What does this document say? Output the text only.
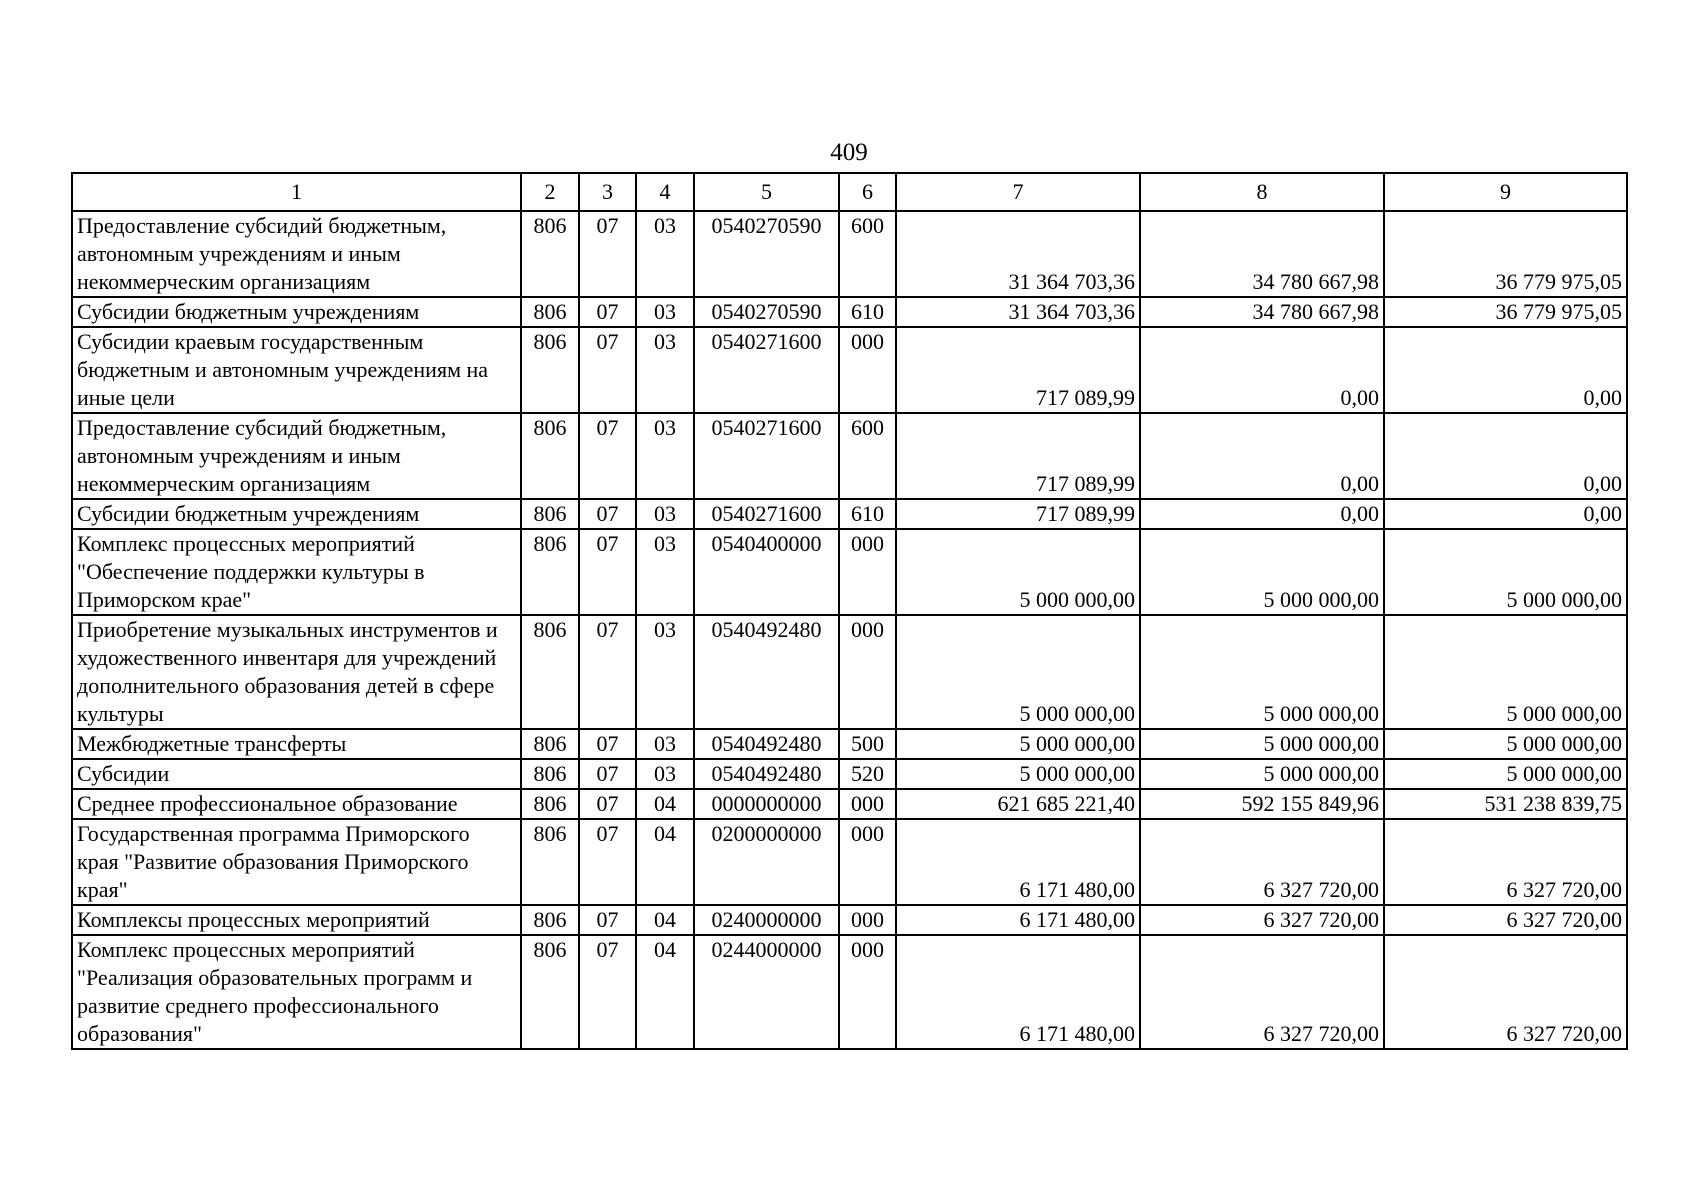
409
1	2	3	4	5	6	7	8	9
Предоставление субсидий бюджетным, автономным учреждениям и иным некоммерческим организациям	806	07	03	0540270590	600	31 364 703,36	34 780 667,98	36 779 975,05
Субсидии бюджетным учреждениям	806	07	03	0540270590	610	31 364 703,36	34 780 667,98	36 779 975,05
Субсидии краевым государственным бюджетным и автономным учреждениям на иные цели	806	07	03	0540271600	000	717 089,99	0,00	0,00
Предоставление субсидий бюджетным, автономным учреждениям и иным некоммерческим организациям	806	07	03	0540271600	600	717 089,99	0,00	0,00
Субсидии бюджетным учреждениям	806	07	03	0540271600	610	717 089,99	0,00	0,00
Комплекс процессных мероприятий "Обеспечение поддержки культуры в Приморском крае"	806	07	03	0540400000	000	5 000 000,00	5 000 000,00	5 000 000,00
Приобретение музыкальных инструментов и художественного инвентаря для учреждений дополнительного образования детей в сфере культуры	806	07	03	0540492480	000	5 000 000,00	5 000 000,00	5 000 000,00
Межбюджетные трансферты	806	07	03	0540492480	500	5 000 000,00	5 000 000,00	5 000 000,00
Субсидии	806	07	03	0540492480	520	5 000 000,00	5 000 000,00	5 000 000,00
Среднее профессиональное образование	806	07	04	0000000000	000	621 685 221,40	592 155 849,96	531 238 839,75
Государственная программа Приморского края "Развитие образования Приморского края"	806	07	04	0200000000	000	6 171 480,00	6 327 720,00	6 327 720,00
Комплексы процессных мероприятий	806	07	04	0240000000	000	6 171 480,00	6 327 720,00	6 327 720,00
Комплекс процессных мероприятий "Реализация образовательных программ и развитие среднего профессионального образования"	806	07	04	0244000000	000	6 171 480,00	6 327 720,00	6 327 720,00
